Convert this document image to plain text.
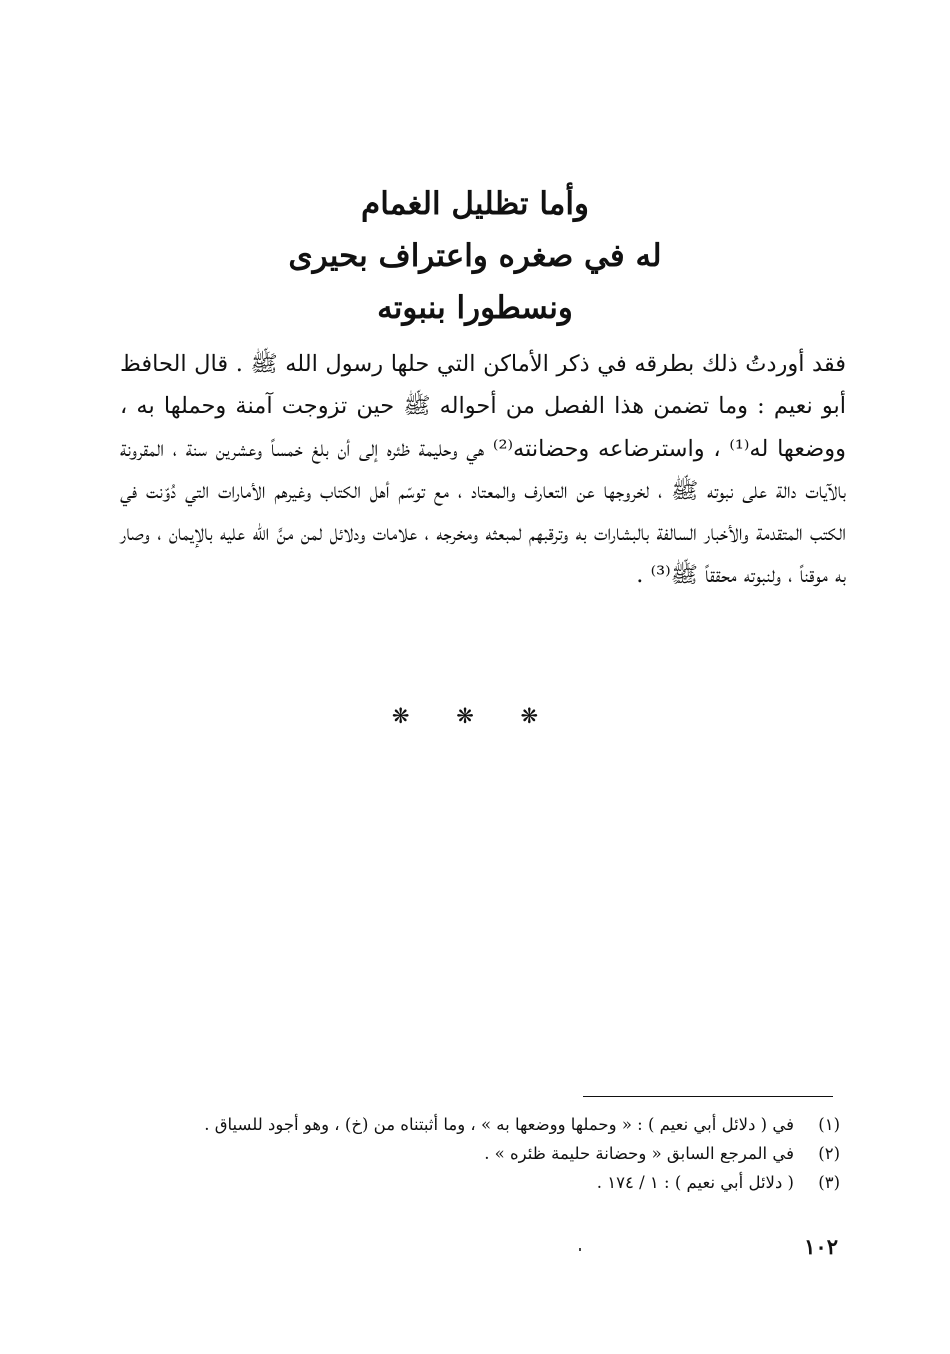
وأما تظليل الغمام
له في صغره واعتراف بحيرى
ونسطورا بنبوته

فقد أوردتُ ذلك بطرقه في ذكر الأماكن التي حلها رسول الله ﷺ . قال الحافظ أبو نعيم : وما تضمن هذا الفصل من أحواله ﷺ حين تزوجت آمنة وحملها به ، ووضعها له⁽¹⁾ ، واسترضاعه وحضانته⁽²⁾ هي وحليمة ظئره إلى أن بلغ خمساً وعشرين سنة ، المقرونة بالآيات دالة على نبوته ﷺ ، لخروجها عن التعارف والمعتاد ، مع توسّم أهل الكتاب وغيرهم الأمارات التي دُوّنت في الكتب المتقدمة والأخبار السالفة بالبشارات به وترقبهم لمبعثه ومخرجه ، علامات ودلائل لمن منَّ الله عليه بالإيمان ، وصار به موقناً ، ولنبوته محققاً ﷺ⁽³⁾ .

❋ ❋ ❋
(١)
في ( دلائل أبي نعيم ) : « وحملها ووضعها به » ، وما أثبتناه من (خ) ، وهو أجود للسياق .
(٢)
في المرجع السابق « وحضانة حليمة ظئره » .
(٣)
( دلائل أبي نعيم ) : ١ / ١٧٤ .
١٠٢
